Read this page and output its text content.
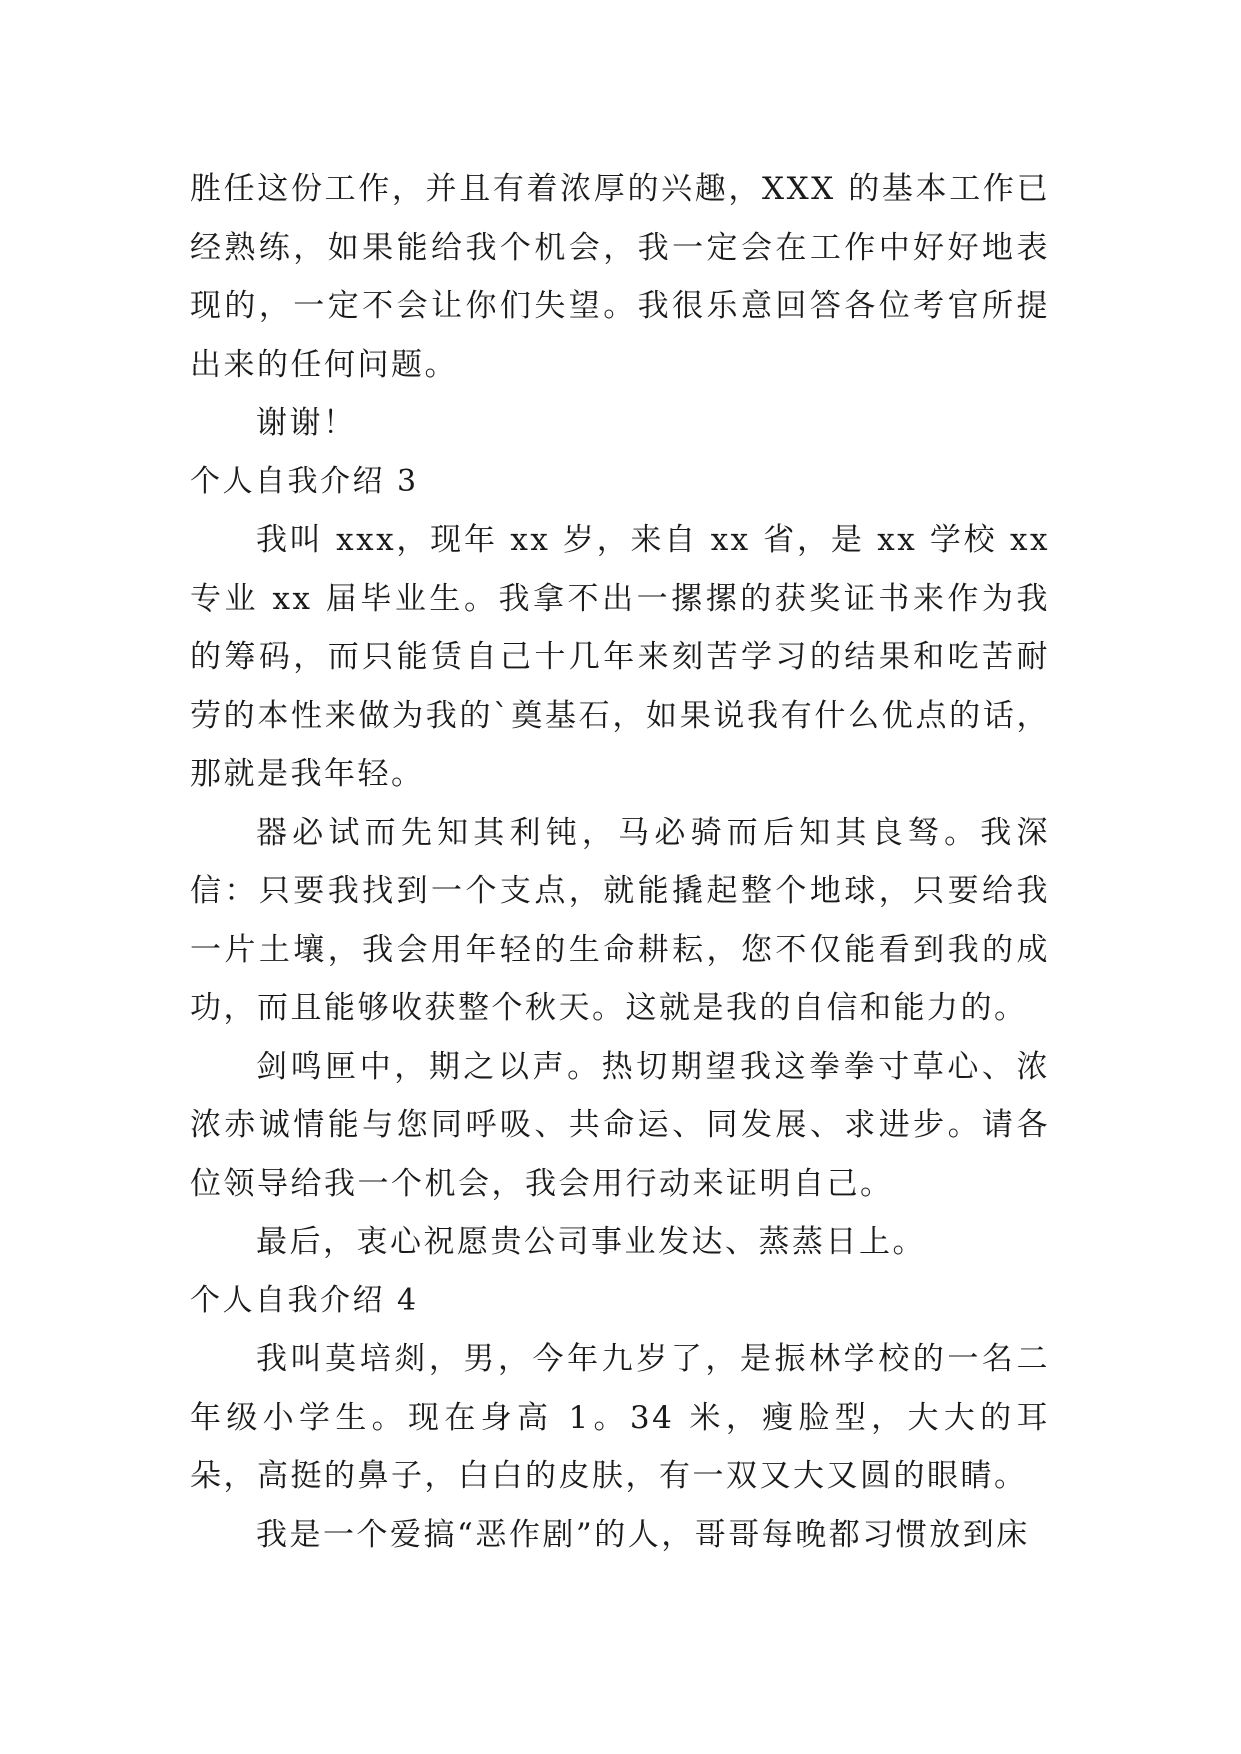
胜任这份工作，并且有着浓厚的兴趣，XXX 的基本工作已经熟练，如果能给我个机会，我一定会在工作中好好地表现的，一定不会让你们失望。我很乐意回答各位考官所提出来的任何问题。

谢谢！

个人自我介绍 3

我叫 xxx，现年 xx 岁，来自 xx 省，是 xx 学校 xx 专业 xx 届毕业生。我拿不出一摞摞的获奖证书来作为我的筹码，而只能赁自己十几年来刻苦学习的结果和吃苦耐劳的本性来做为我的`奠基石，如果说我有什么优点的话，那就是我年轻。

器必试而先知其利钝，马必骑而后知其良驽。我深信：只要我找到一个支点，就能撬起整个地球，只要给我一片土壤，我会用年轻的生命耕耘，您不仅能看到我的成功，而且能够收获整个秋天。这就是我的自信和能力的。

剑鸣匣中，期之以声。热切期望我这拳拳寸草心、浓浓赤诚情能与您同呼吸、共命运、同发展、求进步。请各位领导给我一个机会，我会用行动来证明自己。

最后，衷心祝愿贵公司事业发达、蒸蒸日上。

个人自我介绍 4

我叫莫培剡，男，今年九岁了，是振林学校的一名二年级小学生。现在身高 1。34 米，瘦脸型，大大的耳朵，高挺的鼻子，白白的皮肤，有一双又大又圆的眼睛。

我是一个爱搞“恶作剧”的人，哥哥每晚都习惯放到床
